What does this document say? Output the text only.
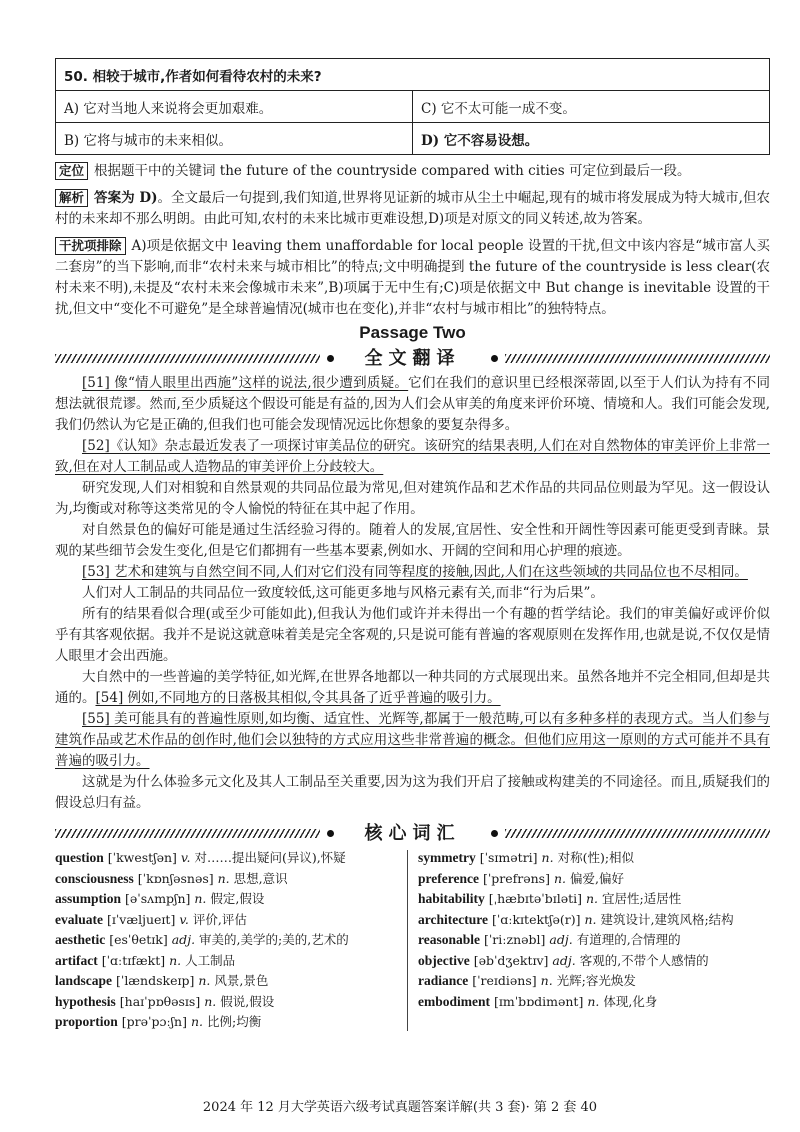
50. 相较于城市,作者如何看待农村的未来?	
A) 它对当地人来说将会更加艰难。	C) 它不太可能一成不变。
B) 它将与城市的未来相似。	D) 它不容易设想。

定位 根据题干中的关键词 the future of the countryside compared with cities 可定位到最后一段。

解析 答案为 D)。全文最后一句提到,我们知道,世界将见证新的城市从尘土中崛起,现有的城市将发展成为特大城市,但农村的未来却不那么明朗。由此可知,农村的未来比城市更难设想,D)项是对原文的同义转述,故为答案。

干扰项排除 A)项是依据文中 leaving them unaffordable for local people 设置的干扰,但文中该内容是“城市富人买二套房”的当下影响,而非“农村未来与城市相比”的特点;文中明确提到 the future of the countryside is less clear(农村未来不明),未提及“农村未来会像城市未来”,B)项属于无中生有;C)项是依据文中 But change is inevitable 设置的干扰,但文中“变化不可避免”是全球普遍情况(城市也在变化),并非“农村与城市相比”的独特特点。

Passage Two
全文翻译

[51] 像“情人眼里出西施”这样的说法,很少遭到质疑。它们在我们的意识里已经根深蒂固,以至于人们认为持有不同想法就很荒谬。然而,至少质疑这个假设可能是有益的,因为人们会从审美的角度来评价环境、情境和人。我们可能会发现,我们仍然认为它是正确的,但我们也可能会发现情况远比你想象的要复杂得多。

[52]《认知》杂志最近发表了一项探讨审美品位的研究。该研究的结果表明,人们在对自然物体的审美评价上非常一致,但在对人工制品或人造物品的审美评价上分歧较大。

研究发现,人们对相貌和自然景观的共同品位最为常见,但对建筑作品和艺术作品的共同品位则最为罕见。这一假设认为,均衡或对称等这类常见的令人愉悦的特征在其中起了作用。

对自然景色的偏好可能是通过生活经验习得的。随着人的发展,宜居性、安全性和开阔性等因素可能更受到青睐。景观的某些细节会发生变化,但是它们都拥有一些基本要素,例如水、开阔的空间和用心护理的痕迹。

[53] 艺术和建筑与自然空间不同,人们对它们没有同等程度的接触,因此,人们在这些领域的共同品位也不尽相同。

人们对人工制品的共同品位一致度较低,这可能更多地与风格元素有关,而非“行为后果”。

所有的结果看似合理(或至少可能如此),但我认为他们或许并未得出一个有趣的哲学结论。我们的审美偏好或评价似乎有其客观依据。我并不是说这就意味着美是完全客观的,只是说可能有普遍的客观原则在发挥作用,也就是说,不仅仅是情人眼里才会出西施。

大自然中的一些普遍的美学特征,如光辉,在世界各地都以一种共同的方式展现出来。虽然各地并不完全相同,但却是共通的。[54] 例如,不同地方的日落极其相似,令其具备了近乎普遍的吸引力。

[55] 美可能具有的普遍性原则,如均衡、适宜性、光辉等,都属于一般范畴,可以有多种多样的表现方式。当人们参与建筑作品或艺术作品的创作时,他们会以独特的方式应用这些非常普遍的概念。但他们应用这一原则的方式可能并不具有普遍的吸引力。

这就是为什么体验多元文化及其人工制品至关重要,因为这为我们开启了接触或构建美的不同途径。而且,质疑我们的假设总归有益。

核心词汇
question [ˈkwestʃən] v. 对……提出疑问(异议),怀疑
consciousness [ˈkɒnʃəsnəs] n. 思想,意识
assumption [əˈsʌmpʃn] n. 假定,假设
evaluate [ɪˈvæljueɪt] v. 评价,评估
aesthetic [esˈθetɪk] adj. 审美的,美学的;美的,艺术的
artifact [ˈɑːtɪfækt] n. 人工制品
landscape [ˈlændskeɪp] n. 风景,景色
hypothesis [haɪˈpɒθəsɪs] n. 假说,假设
proportion [prəˈpɔːʃn] n. 比例;均衡
symmetry [ˈsɪmətri] n. 对称(性);相似
preference [ˈprefrəns] n. 偏爱,偏好
habitability [ˌhæbɪtəˈbɪləti] n. 宜居性;适居性
architecture [ˈɑːkɪtektʃə(r)] n. 建筑设计,建筑风格;结构
reasonable [ˈriːznəbl] adj. 有道理的,合情理的
objective [əbˈdʒektɪv] adj. 客观的,不带个人感情的
radiance [ˈreɪdiəns] n. 光辉;容光焕发
embodiment [ɪmˈbɒdimənt] n. 体现,化身
2024 年 12 月大学英语六级考试真题答案详解(共 3 套)· 第 2 套 40
